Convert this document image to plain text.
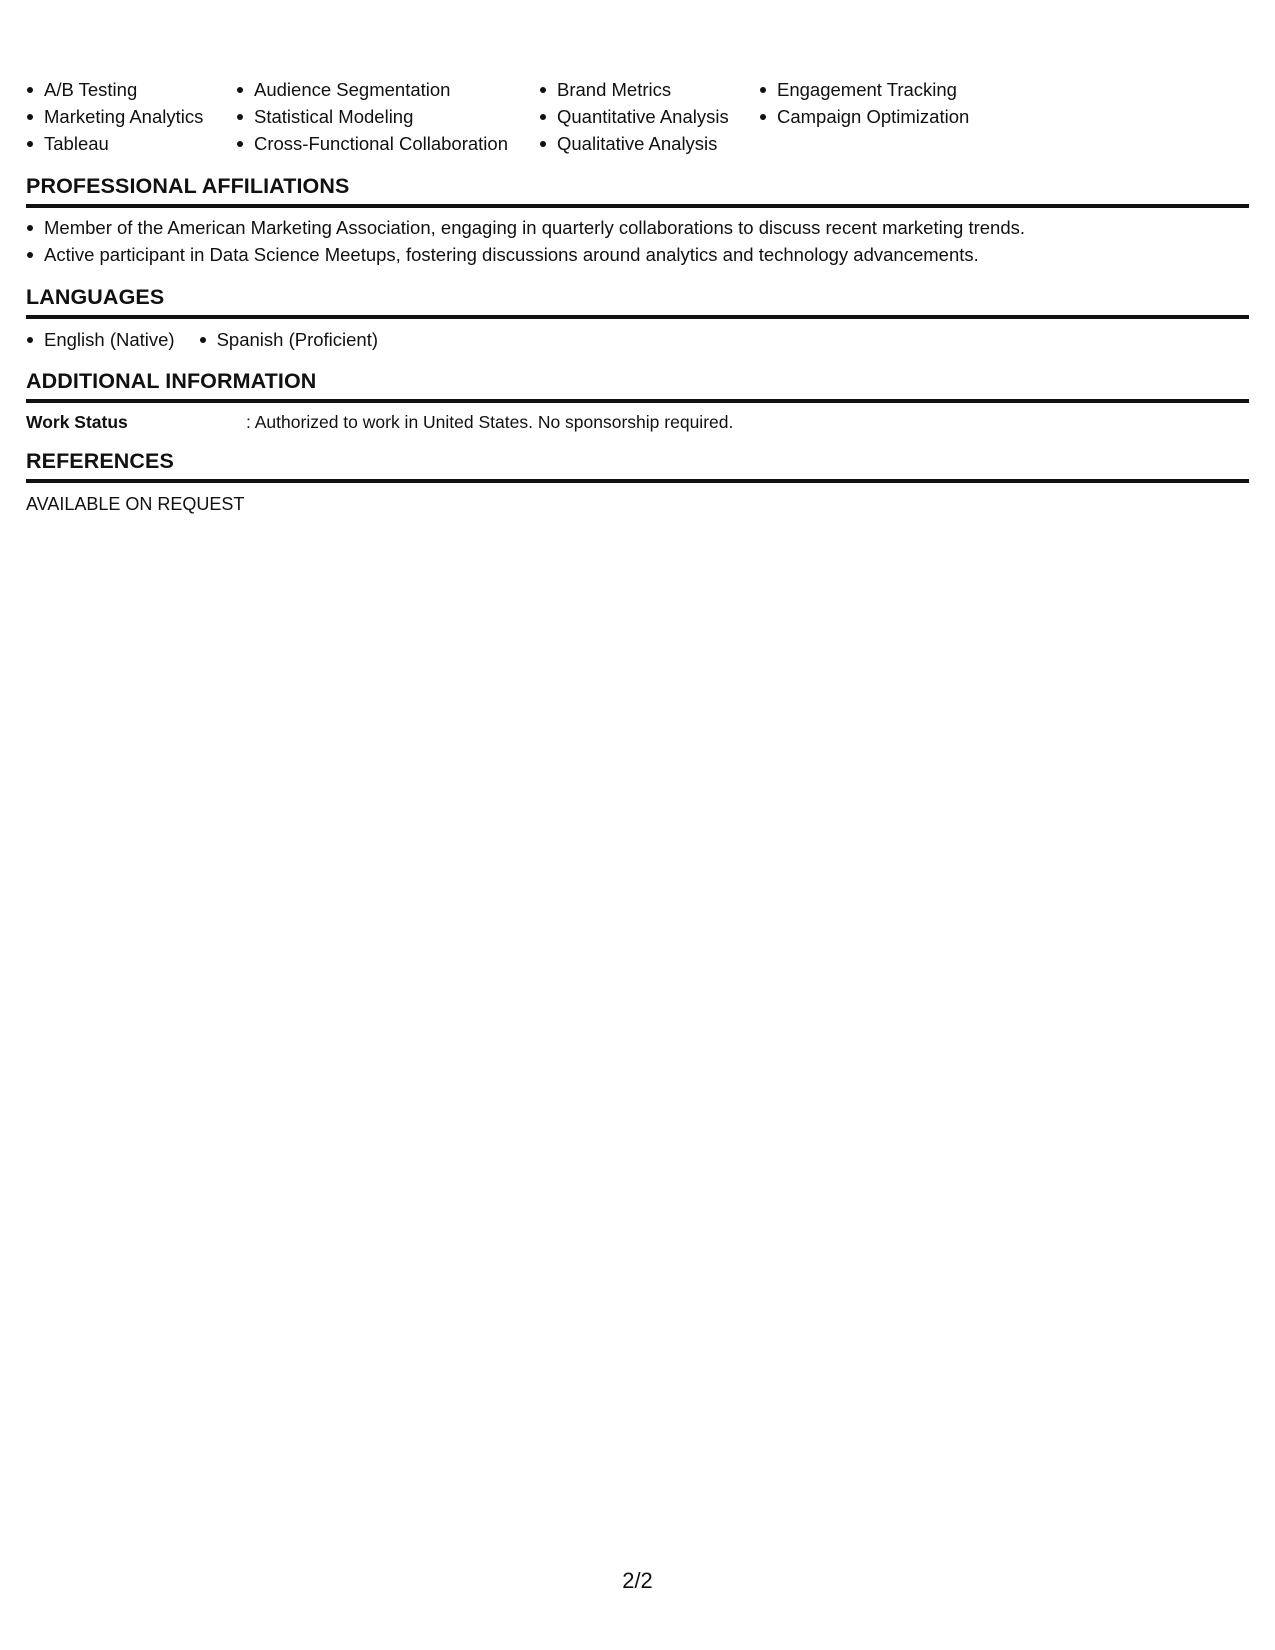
A/B Testing
Marketing Analytics
Tableau
Audience Segmentation
Statistical Modeling
Cross-Functional Collaboration
Brand Metrics
Quantitative Analysis
Qualitative Analysis
Engagement Tracking
Campaign Optimization
PROFESSIONAL AFFILIATIONS
Member of the American Marketing Association, engaging in quarterly collaborations to discuss recent marketing trends.
Active participant in Data Science Meetups, fostering discussions around analytics and technology advancements.
LANGUAGES
English (Native)	Spanish (Proficient)
ADDITIONAL INFORMATION
Work Status	: Authorized to work in United States. No sponsorship required.
REFERENCES
AVAILABLE ON REQUEST
2/2
